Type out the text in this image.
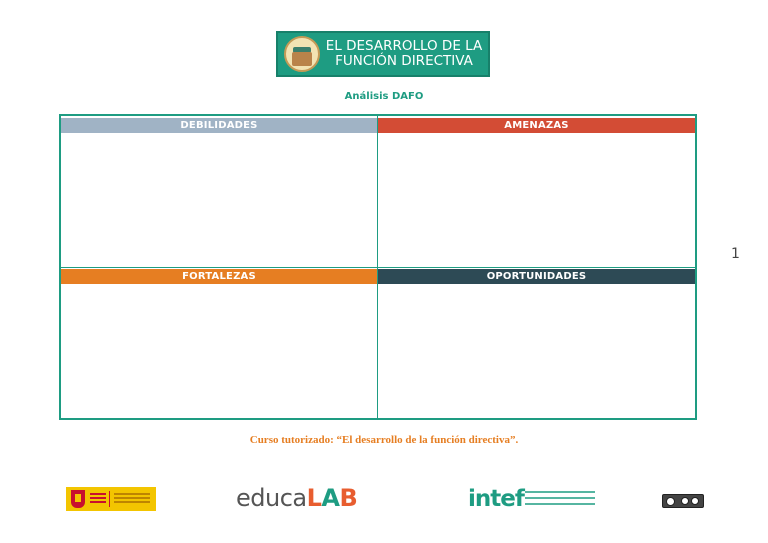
EL DESARROLLO DE LA
FUNCIÓN DIRECTIVA
Análisis DAFO
DEBILIDADES	AMENAZAS
FORTALEZAS	OPORTUNIDADES
1
Curso tutorizado: “El desarrollo de la función directiva”.
educaLAB	intef
